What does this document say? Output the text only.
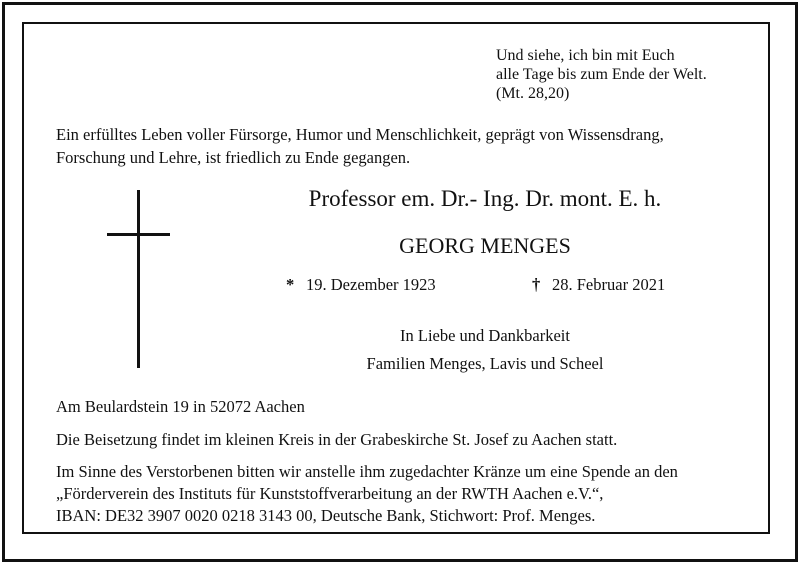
Und siehe, ich bin mit Euch
alle Tage bis zum Ende der Welt.
(Mt. 28,20)
Ein erfülltes Leben voller Fürsorge, Humor und Menschlichkeit, geprägt von Wissensdrang,
Forschung und Lehre, ist friedlich zu Ende gegangen.
Professor em. Dr.- Ing. Dr. mont. E. h.
GEORG MENGES
* 19. Dezember 1923	† 28. Februar 2021
In Liebe und Dankbarkeit
Familien Menges, Lavis und Scheel
Am Beulardstein 19 in 52072 Aachen
Die Beisetzung findet im kleinen Kreis in der Grabeskirche St. Josef zu Aachen statt.
Im Sinne des Verstorbenen bitten wir anstelle ihm zugedachter Kränze um eine Spende an den
„Förderverein des Instituts für Kunststoffverarbeitung an der RWTH Aachen e.V.“,
IBAN: DE32 3907 0020 0218 3143 00, Deutsche Bank, Stichwort: Prof. Menges.
